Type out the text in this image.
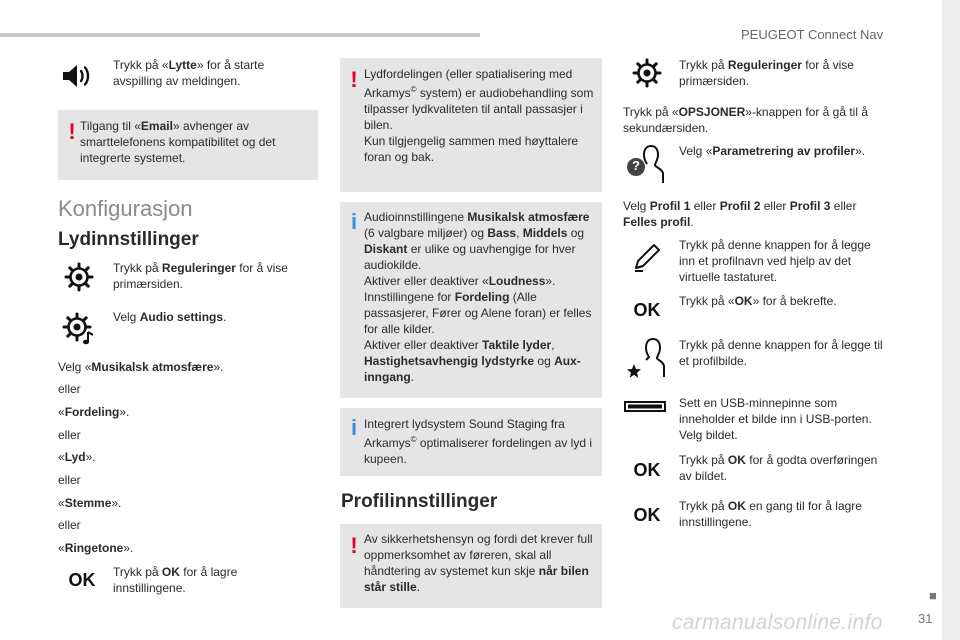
PEUGEOT Connect Nav
■
31
carmanualsonline.info
Trykk på «Lytte» for å starte avspilling av meldingen.
! Tilgang til «Email» avhenger av smarttelefonens kompatibilitet og det integrerte systemet.
Konfigurasjon
Lydinnstillinger
Trykk på Reguleringer for å vise primærsiden.
Velg Audio settings.
Velg «Musikalsk atmosfære».
eller
«Fordeling».
eller
«Lyd».
eller
«Stemme».
eller
«Ringetone».
OK	Trykk på OK for å lagre innstillingene.
! Lydfordelingen (eller spatialisering med Arkamys© system) er audiobehandling som tilpasser lydkvaliteten til antall passasjer i bilen.
Kun tilgjengelig sammen med høyttalere foran og bak.
i Audioinnstillingene Musikalsk atmosfære (6 valgbare miljøer) og Bass, Middels og Diskant er ulike og uavhengige for hver audiokilde.
Aktiver eller deaktiver «Loudness».
Innstillingene for Fordeling (Alle passasjerer, Fører og Alene foran) er felles for alle kilder.
Aktiver eller deaktiver Taktile lyder, Hastighetsavhengig lydstyrke og Aux-inngang.
i Integrert lydsystem Sound Staging fra Arkamys© optimaliserer fordelingen av lyd i kupeen.
Profilinnstillinger
! Av sikkerhetshensyn og fordi det krever full oppmerksomhet av føreren, skal all håndtering av systemet kun skje når bilen står stille.
Trykk på Reguleringer for å vise primærsiden.
Trykk på «OPSJONER»-knappen for å gå til å sekundærsiden.
?
Velg «Parametrering av profiler».
Velg Profil 1 eller Profil 2 eller Profil 3 eller Felles profil.
Trykk på denne knappen for å legge inn et profilnavn ved hjelp av det virtuelle tastaturet.
OK	Trykk på «OK» for å bekrefte.
Trykk på denne knappen for å legge til et profilbilde.
Sett en USB-minnepinne som inneholder et bilde inn i USB-porten. Velg bildet.
OK	Trykk på OK for å godta overføringen av bildet.
OK	Trykk på OK en gang til for å lagre innstillingene.
